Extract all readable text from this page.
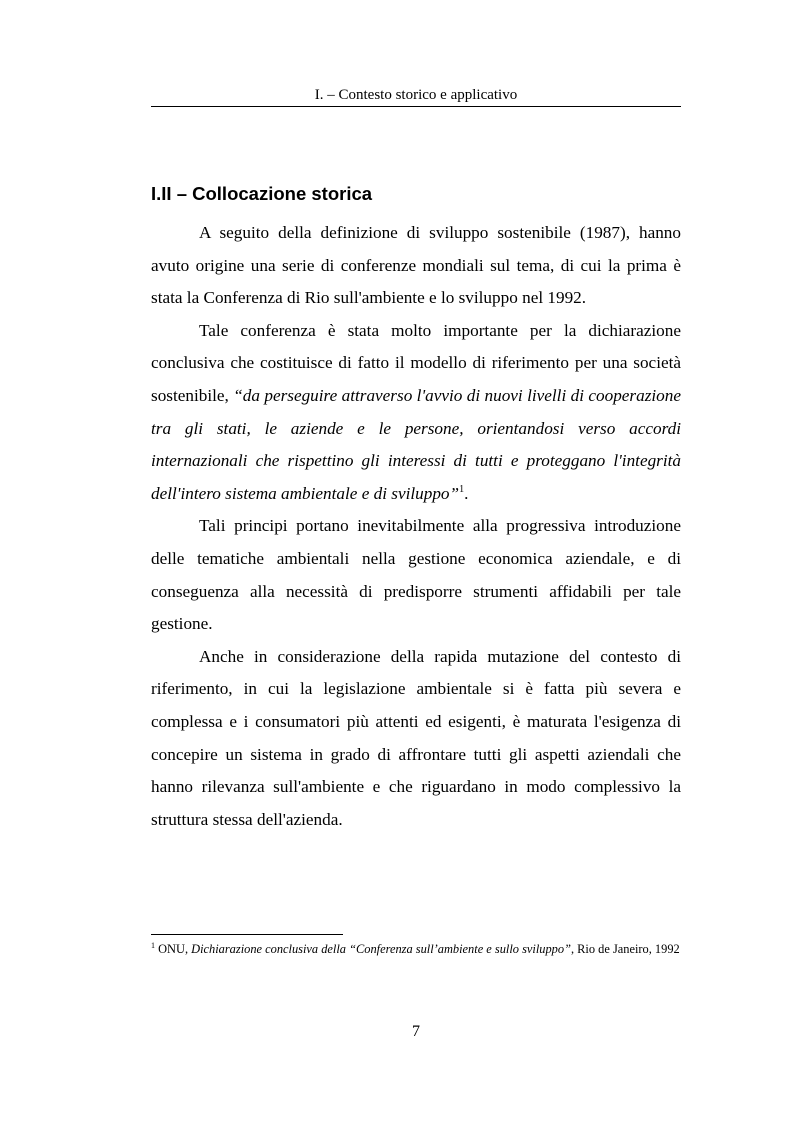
I. – Contesto storico e applicativo
I.II – Collocazione storica

A seguito della definizione di sviluppo sostenibile (1987), hanno avuto origine una serie di conferenze mondiali sul tema, di cui la prima è stata la Conferenza di Rio sull'ambiente e lo sviluppo nel 1992.

Tale conferenza è stata molto importante per la dichiarazione conclusiva che costituisce di fatto il modello di riferimento per una società sostenibile, “da perseguire attraverso l'avvio di nuovi livelli di cooperazione tra gli stati, le aziende e le persone, orientandosi verso accordi internazionali che rispettino gli interessi di tutti e proteggano l'integrità dell'intero sistema ambientale e di sviluppo”$^1$.

Tali principi portano inevitabilmente alla progressiva introduzione delle tematiche ambientali nella gestione economica aziendale, e di conseguenza alla necessità di predisporre strumenti affidabili per tale gestione.

Anche in considerazione della rapida mutazione del contesto di riferimento, in cui la legislazione ambientale si è fatta più severa e complessa e i consumatori più attenti ed esigenti, è maturata l'esigenza di concepire un sistema in grado di affrontare tutti gli aspetti aziendali che hanno rilevanza sull'ambiente e che riguardano in modo complessivo la struttura stessa dell'azienda.

$^1$ ONU, Dichiarazione conclusiva della “Conferenza sull’ambiente e sullo sviluppo”, Rio de Janeiro, 1992
7
